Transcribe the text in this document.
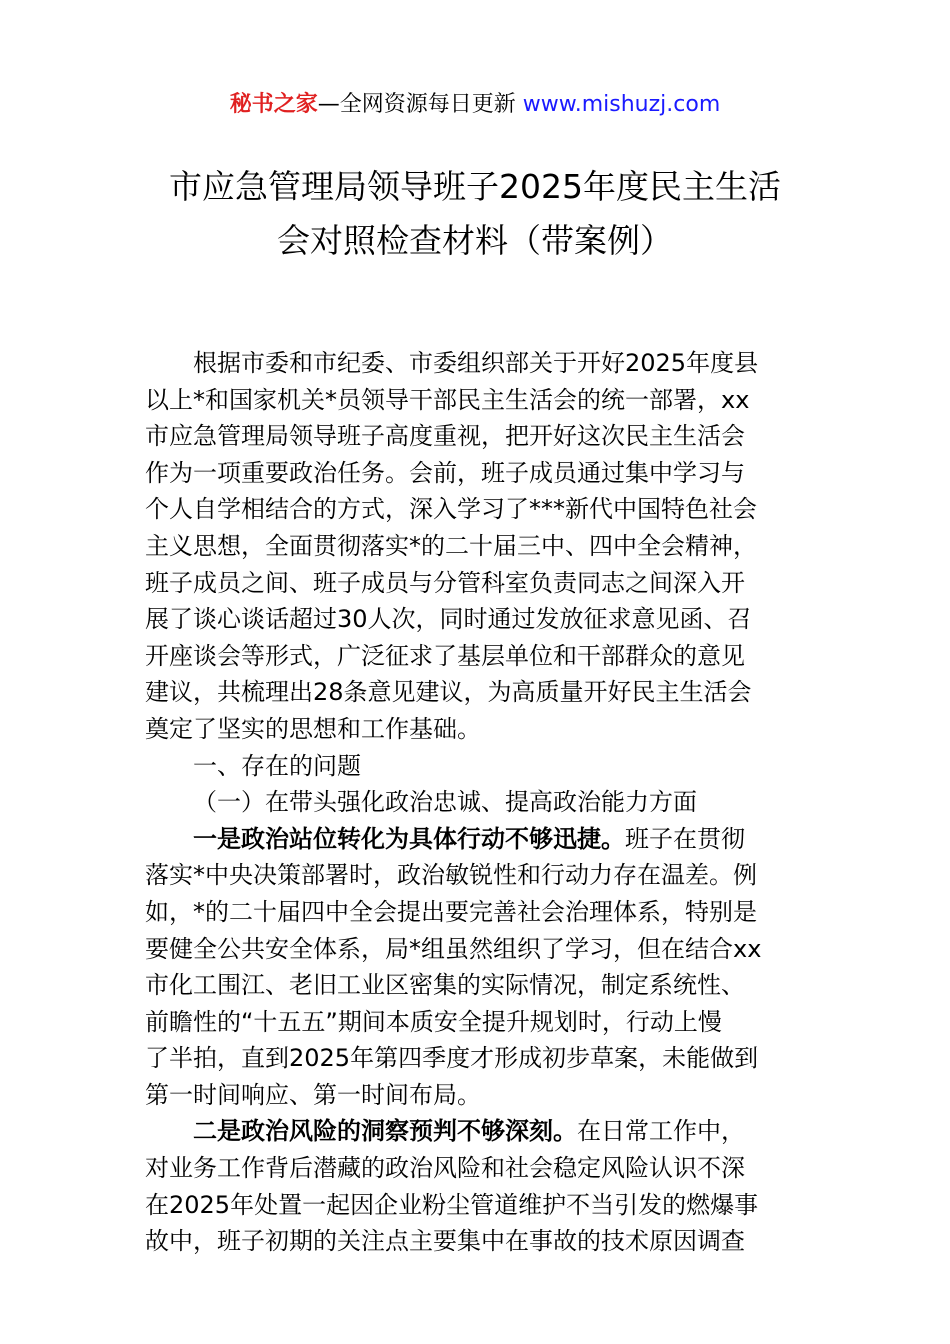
秘书之家—全网资源每日更新 www.mishuzj.com
市应急管理局领导班子2025年度民主生活
会对照检查材料（带案例）
根据市委和市纪委、市委组织部关于开好2025年度县
以上*和国家机关*员领导干部民主生活会的统一部署，xx
市应急管理局领导班子高度重视，把开好这次民主生活会
作为一项重要政治任务。会前，班子成员通过集中学习与
个人自学相结合的方式，深入学习了***新代中国特色社会
主义思想，全面贯彻落实*的二十届三中、四中全会精神，
班子成员之间、班子成员与分管科室负责同志之间深入开
展了谈心谈话超过30人次，同时通过发放征求意见函、召
开座谈会等形式，广泛征求了基层单位和干部群众的意见
建议，共梳理出28条意见建议，为高质量开好民主生活会
奠定了坚实的思想和工作基础。
一、存在的问题
（一）在带头强化政治忠诚、提高政治能力方面
一是政治站位转化为具体行动不够迅捷。班子在贯彻
落实*中央决策部署时，政治敏锐性和行动力存在温差。例
如，*的二十届四中全会提出要完善社会治理体系，特别是
要健全公共安全体系，局*组虽然组织了学习，但在结合xx
市化工围江、老旧工业区密集的实际情况，制定系统性、
前瞻性的“十五五”期间本质安全提升规划时，行动上慢
了半拍，直到2025年第四季度才形成初步草案，未能做到
第一时间响应、第一时间布局。
二是政治风险的洞察预判不够深刻。在日常工作中，
对业务工作背后潜藏的政治风险和社会稳定风险认识不深
在2025年处置一起因企业粉尘管道维护不当引发的燃爆事
故中，班子初期的关注点主要集中在事故的技术原因调查
